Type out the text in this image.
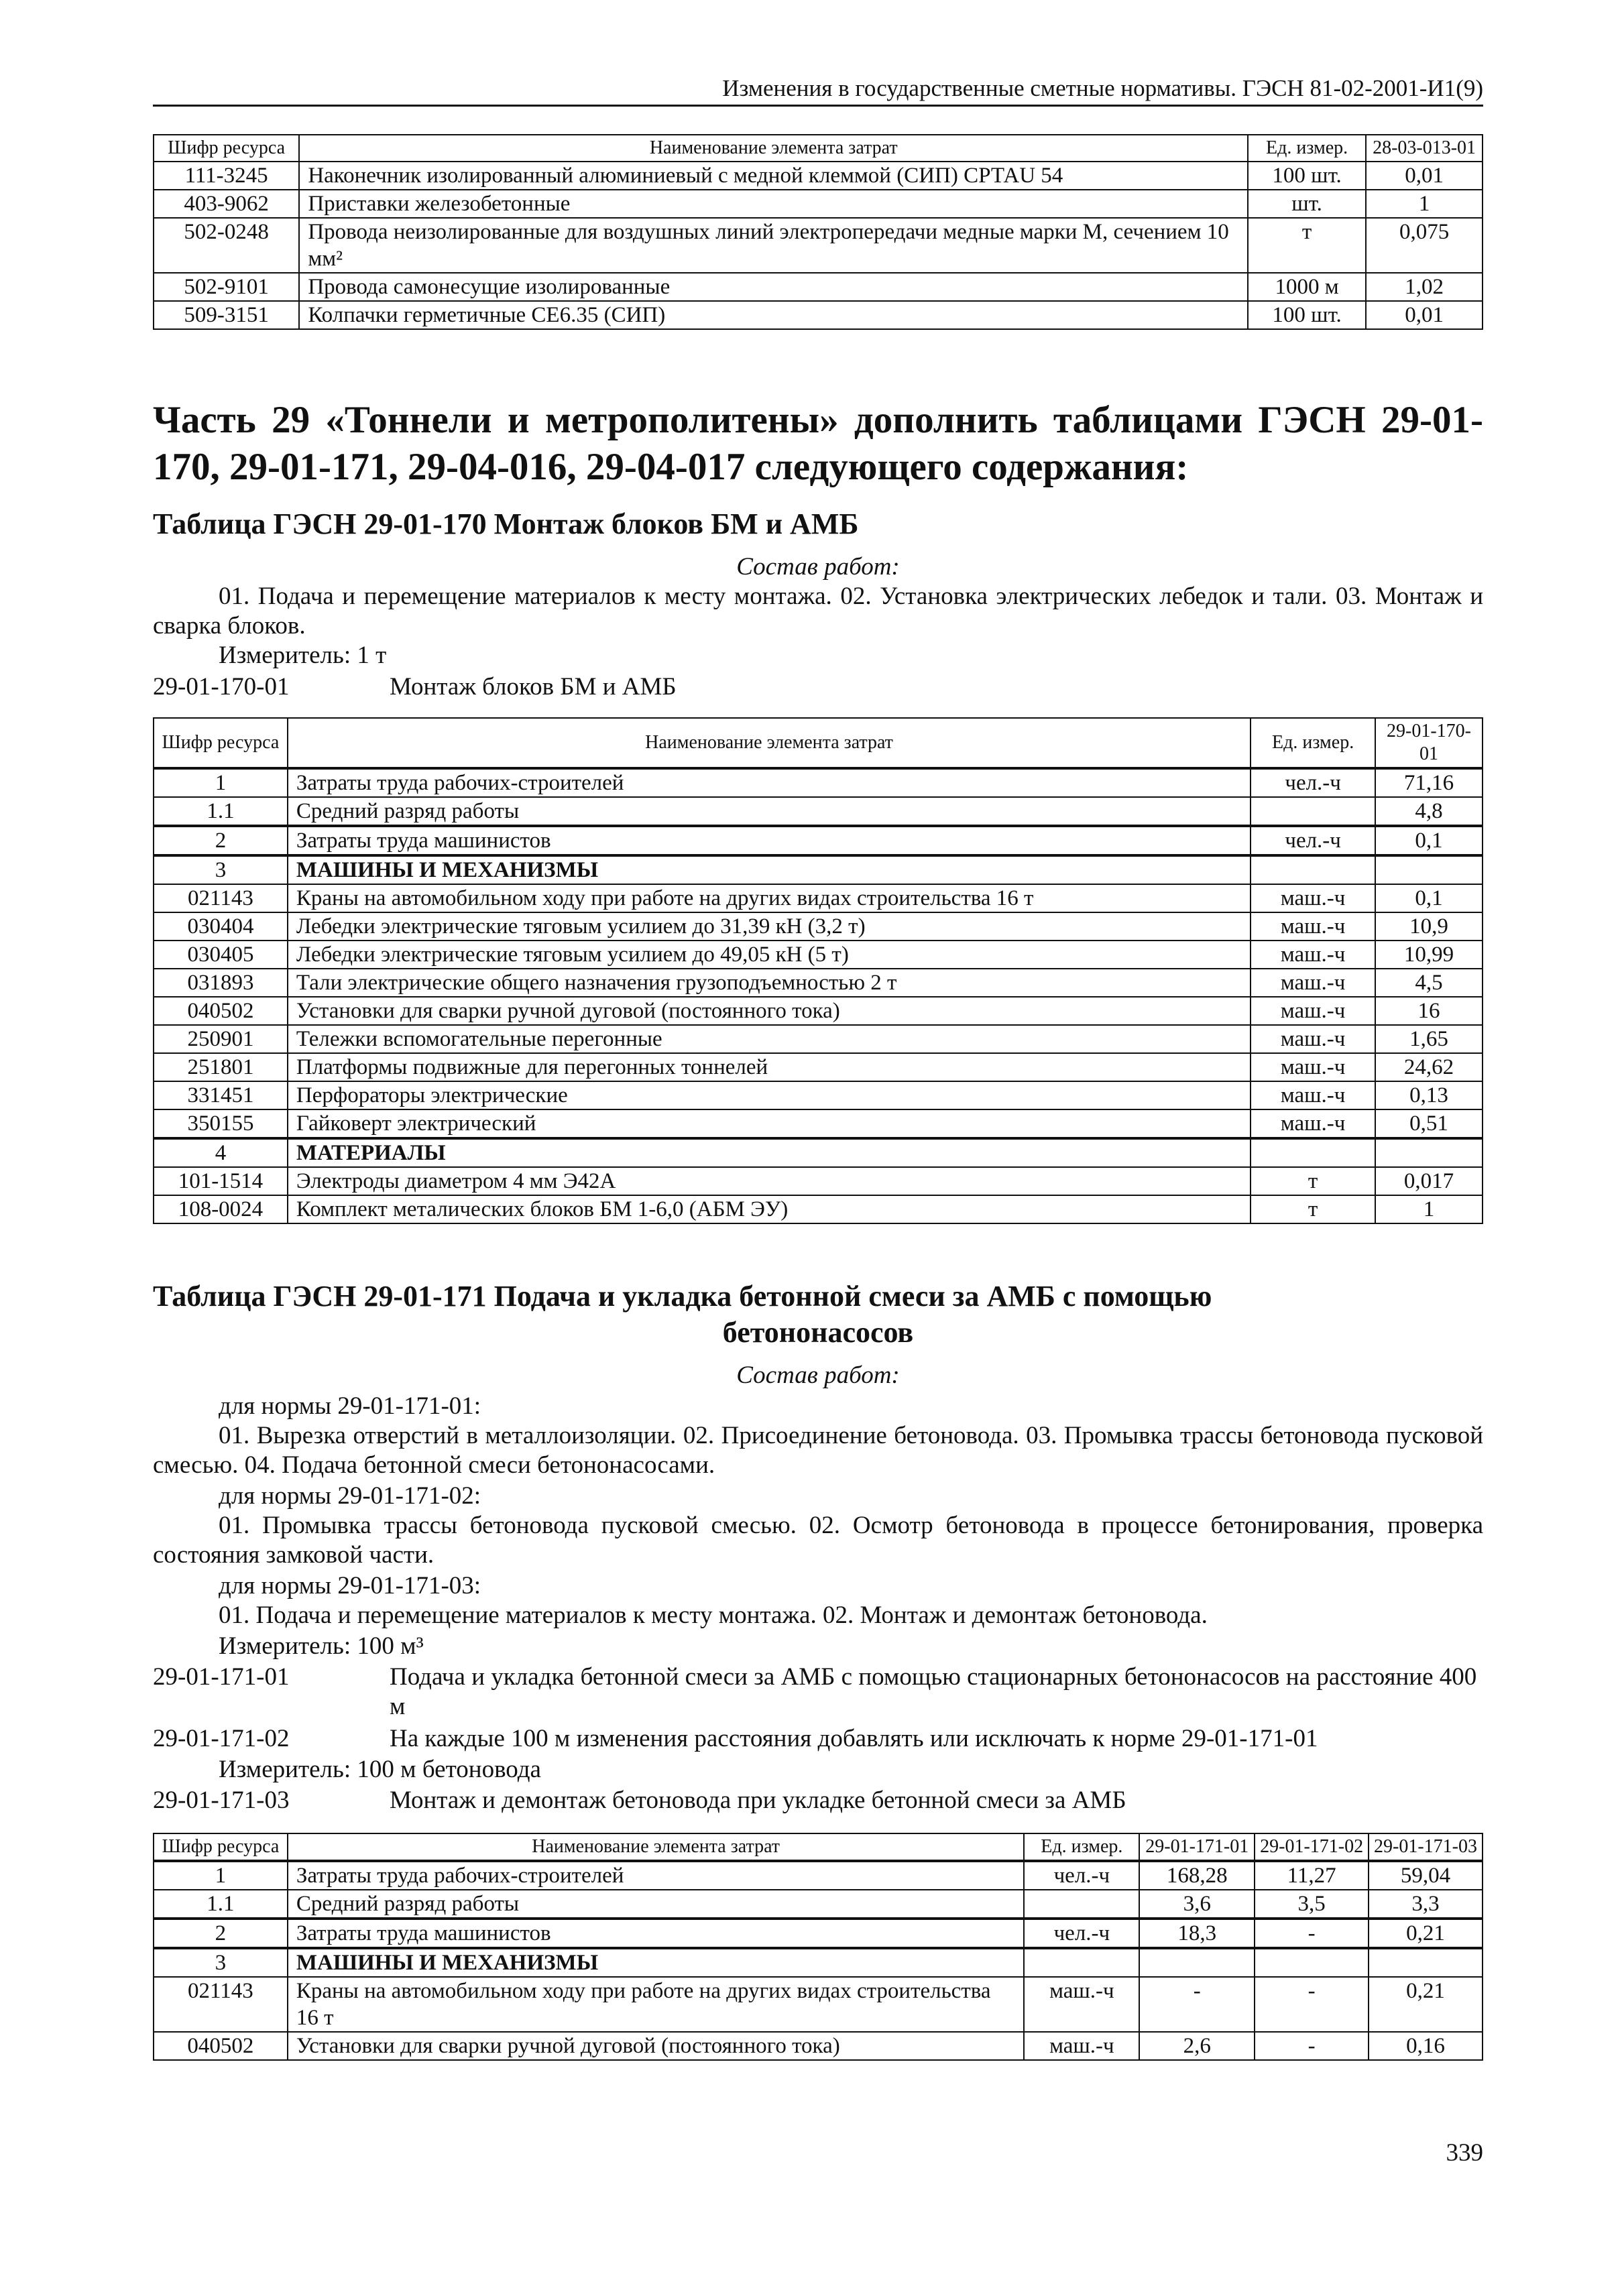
Изменения в государственные сметные нормативы. ГЭСН 81-02-2001-И1(9)
Шифр ресурса	Наименование элемента затрат	Ед. измер.	28-03-013-01
111-3245	Наконечник изолированный алюминиевый с медной клеммой (СИП) СРТАU 54	100 шт.	0,01
403-9062	Приставки железобетонные	шт.	1
502-0248	Провода неизолированные для воздушных линий электропередачи медные марки М, сечением 10 мм²	т	0,075
502-9101	Провода самонесущие изолированные	1000 м	1,02
509-3151	Колпачки герметичные СЕ6.35 (СИП)	100 шт.	0,01
Часть 29 «Тоннели и метрополитены» дополнить таблицами ГЭСН 29-01-170, 29-01-171, 29-04-016, 29-04-017 следующего содержания:
Таблица ГЭСН 29-01-170 Монтаж блоков БМ и АМБ
Состав работ:
01. Подача и перемещение материалов к месту монтажа. 02. Установка электрических лебедок и тали. 03. Монтаж и сварка блоков.
Измеритель: 1 т
29-01-170-01	Монтаж блоков БМ и АМБ
Шифр ресурса	Наименование элемента затрат	Ед. измер.	29-01-170-01
1	Затраты труда рабочих-строителей	чел.-ч	71,16
1.1	Средний разряд работы		4,8
2	Затраты труда машинистов	чел.-ч	0,1
3	МАШИНЫ И МЕХАНИЗМЫ		
021143	Краны на автомобильном ходу при работе на других видах строительства 16 т	маш.-ч	0,1
030404	Лебедки электрические тяговым усилием до 31,39 кН (3,2 т)	маш.-ч	10,9
030405	Лебедки электрические тяговым усилием до 49,05 кН (5 т)	маш.-ч	10,99
031893	Тали электрические общего назначения грузоподъемностью 2 т	маш.-ч	4,5
040502	Установки для сварки ручной дуговой (постоянного тока)	маш.-ч	16
250901	Тележки вспомогательные перегонные	маш.-ч	1,65
251801	Платформы подвижные для перегонных тоннелей	маш.-ч	24,62
331451	Перфораторы электрические	маш.-ч	0,13
350155	Гайковерт электрический	маш.-ч	0,51
4	МАТЕРИАЛЫ		
101-1514	Электроды диаметром 4 мм Э42А	т	0,017
108-0024	Комплект металических блоков БМ 1-6,0 (АБМ ЭУ)	т	1
Таблица ГЭСН 29-01-171 Подача и укладка бетонной смеси за АМБ с помощью
бетононасосов
Состав работ:
для нормы 29-01-171-01:
01. Вырезка отверстий в металлоизоляции. 02. Присоединение бетоновода. 03. Промывка трассы бетоновода пусковой смесью. 04. Подача бетонной смеси бетононасосами.
для нормы 29-01-171-02:
01. Промывка трассы бетоновода пусковой смесью. 02. Осмотр бетоновода в процессе бетонирования, проверка состояния замковой части.
для нормы 29-01-171-03:
01. Подача и перемещение материалов к месту монтажа. 02. Монтаж и демонтаж бетоновода.
Измеритель: 100 м³
29-01-171-01	Подача и укладка бетонной смеси за АМБ с помощью стационарных бетононасосов на расстояние 400 м
29-01-171-02	На каждые 100 м изменения расстояния добавлять или исключать к норме 29-01-171-01
Измеритель: 100 м бетоновода
29-01-171-03	Монтаж и демонтаж бетоновода при укладке бетонной смеси за АМБ
Шифр ресурса	Наименование элемента затрат	Ед. измер.	29-01-171-01	29-01-171-02	29-01-171-03
1	Затраты труда рабочих-строителей	чел.-ч	168,28	11,27	59,04
1.1	Средний разряд работы		3,6	3,5	3,3
2	Затраты труда машинистов	чел.-ч	18,3	-	0,21
3	МАШИНЫ И МЕХАНИЗМЫ				
021143	Краны на автомобильном ходу при работе на других видах строительства 16 т	маш.-ч	-	-	0,21
040502	Установки для сварки ручной дуговой (постоянного тока)	маш.-ч	2,6	-	0,16
339
